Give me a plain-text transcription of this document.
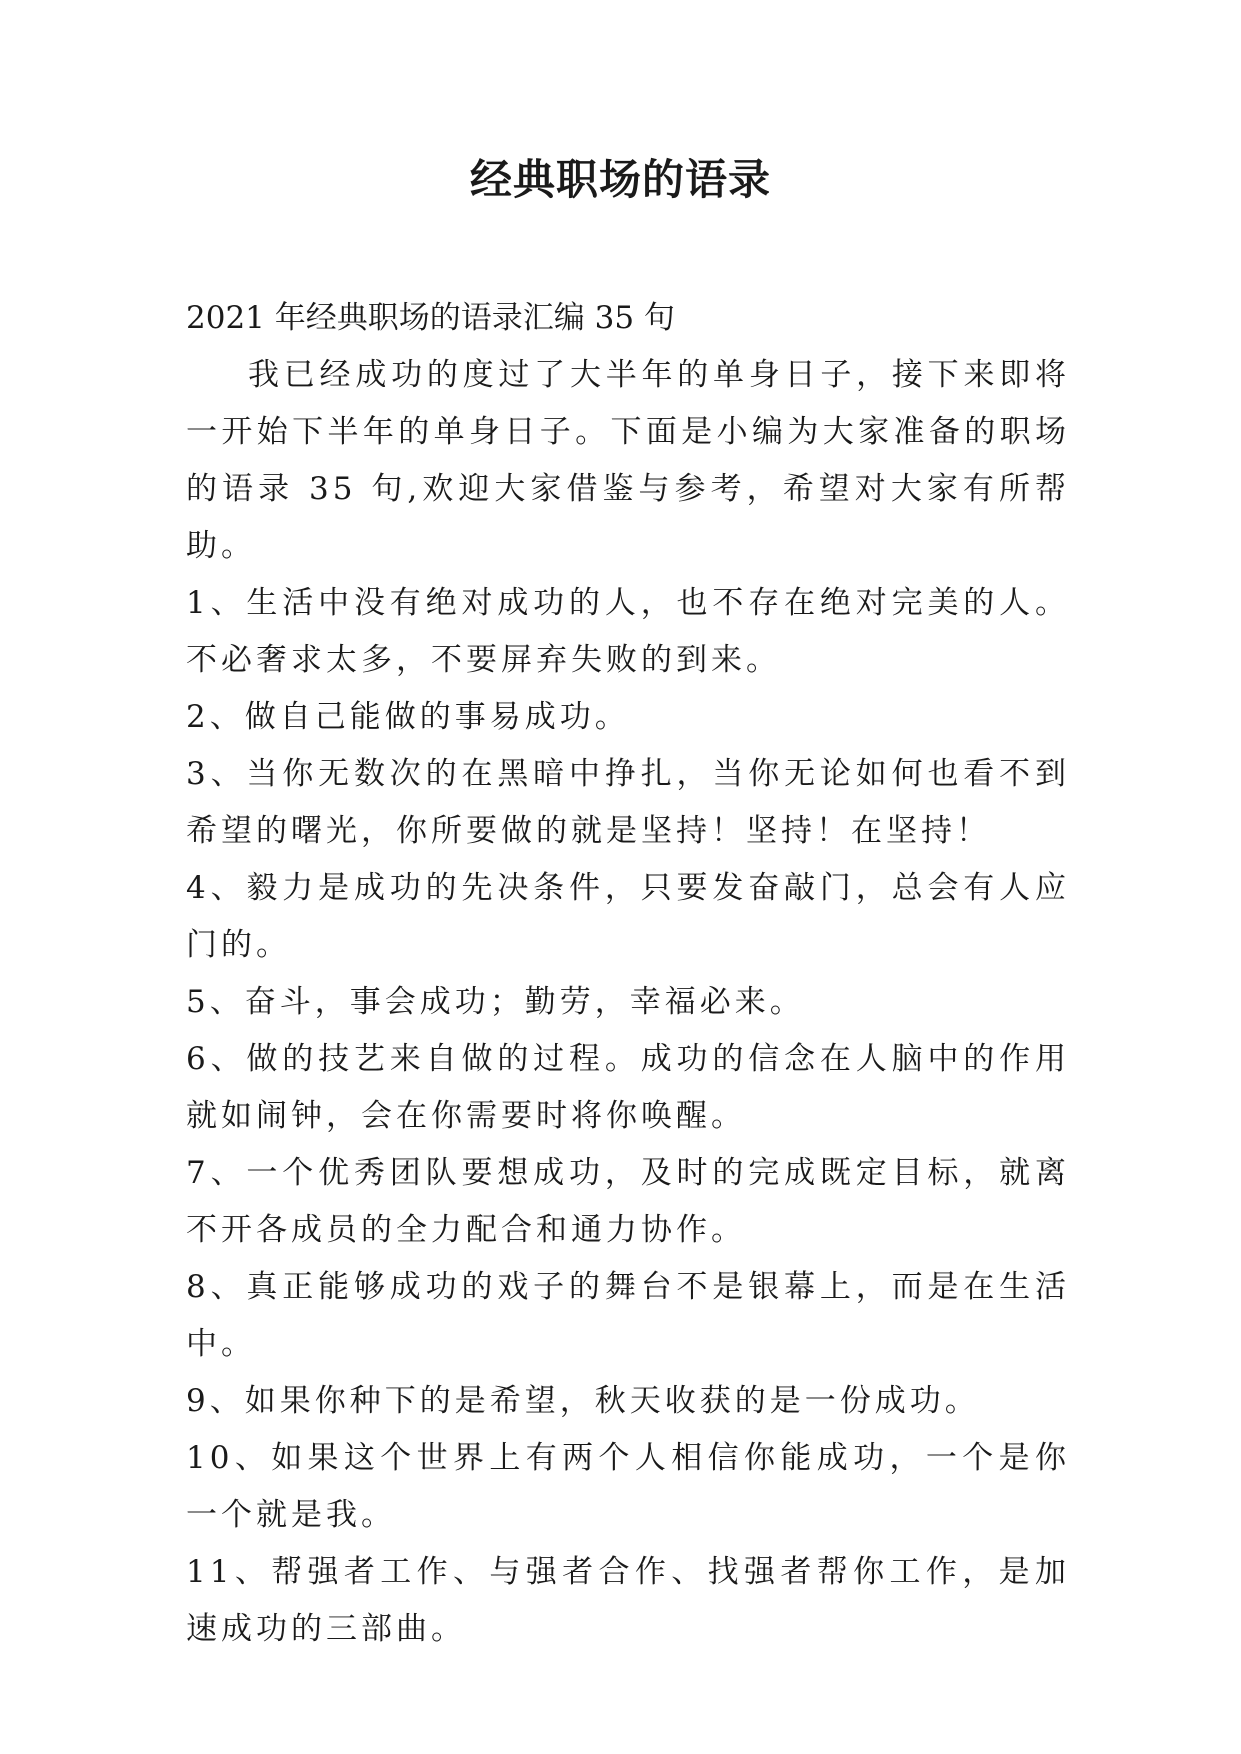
经典职场的语录

2021 年经典职场的语录汇编 35 句

我已经成功的度过了大半年的单身日子，接下来即将一开始下半年的单身日子。下面是小编为大家准备的职场的语录 35 句,欢迎大家借鉴与参考，希望对大家有所帮助。

1、生活中没有绝对成功的人，也不存在绝对完美的人。不必奢求太多，不要屏弃失败的到来。

2、做自己能做的事易成功。

3、当你无数次的在黑暗中挣扎，当你无论如何也看不到希望的曙光，你所要做的就是坚持！坚持！在坚持！

4、毅力是成功的先决条件，只要发奋敲门，总会有人应门的。

5、奋斗，事会成功；勤劳，幸福必来。

6、做的技艺来自做的过程。成功的信念在人脑中的作用就如闹钟，会在你需要时将你唤醒。

7、一个优秀团队要想成功，及时的完成既定目标，就离不开各成员的全力配合和通力协作。

8、真正能够成功的戏子的舞台不是银幕上，而是在生活中。

9、如果你种下的是希望，秋天收获的是一份成功。

10、如果这个世界上有两个人相信你能成功，一个是你一个就是我。

11、帮强者工作、与强者合作、找强者帮你工作，是加速成功的三部曲。
